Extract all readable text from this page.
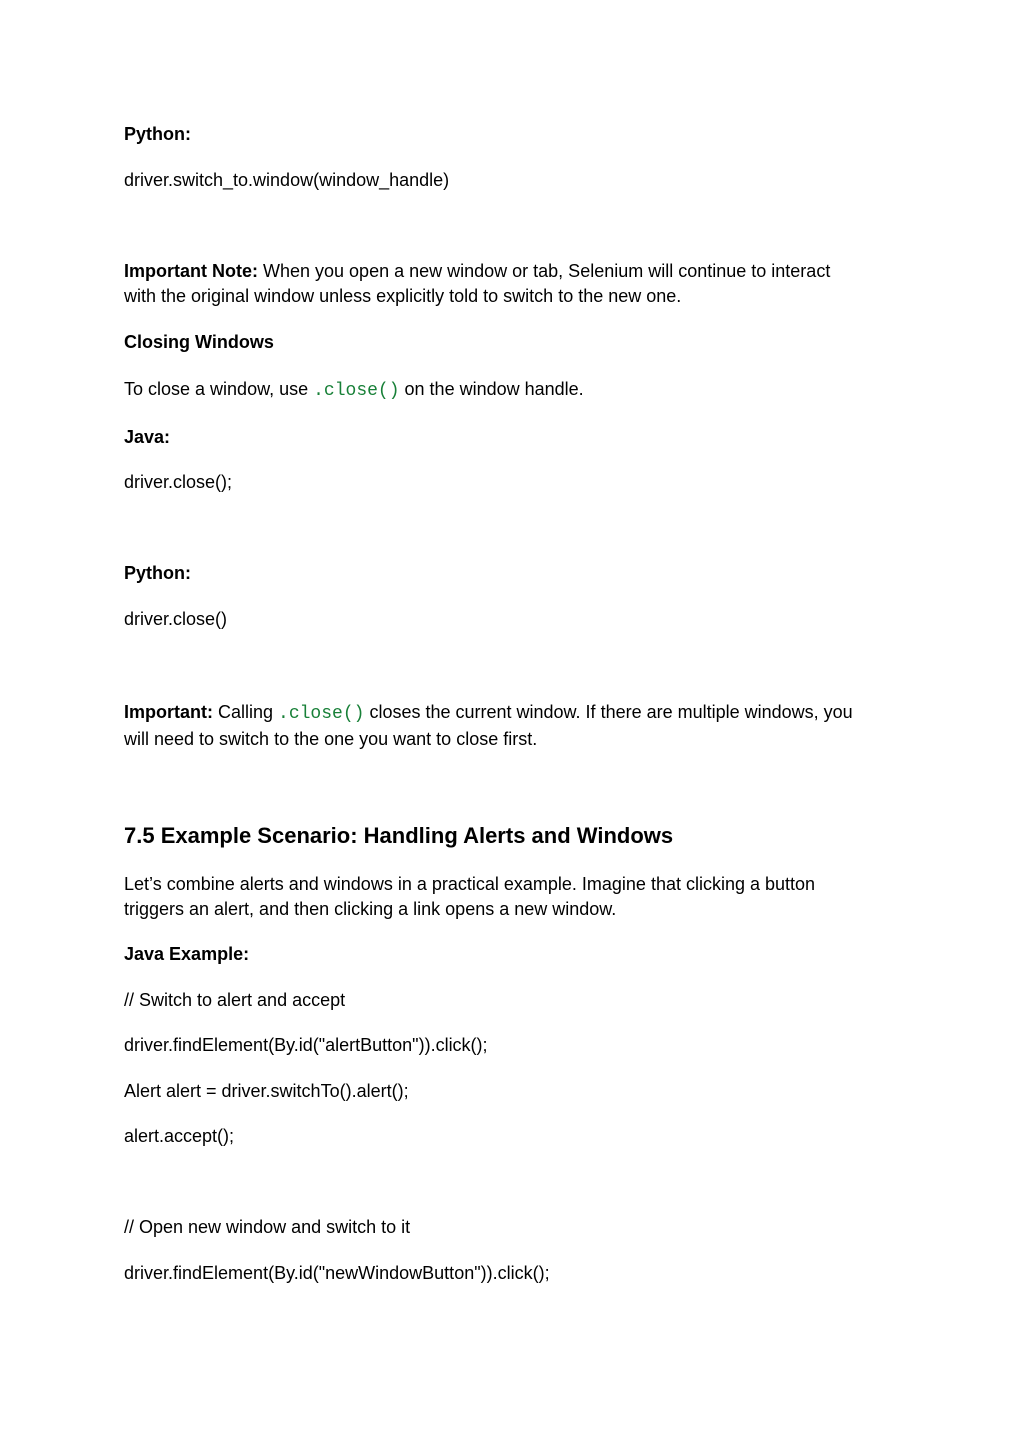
Python:
driver.switch_to.window(window_handle)
Important Note: When you open a new window or tab, Selenium will continue to interact
with the original window unless explicitly told to switch to the new one.
Closing Windows
To close a window, use .close() on the window handle.
Java:
driver.close();
Python:
driver.close()
Important: Calling .close() closes the current window. If there are multiple windows, you
will need to switch to the one you want to close first.
7.5 Example Scenario: Handling Alerts and Windows
Let’s combine alerts and windows in a practical example. Imagine that clicking a button
triggers an alert, and then clicking a link opens a new window.
Java Example:
// Switch to alert and accept
driver.findElement(By.id("alertButton")).click();
Alert alert = driver.switchTo().alert();
alert.accept();
// Open new window and switch to it
driver.findElement(By.id("newWindowButton")).click();
